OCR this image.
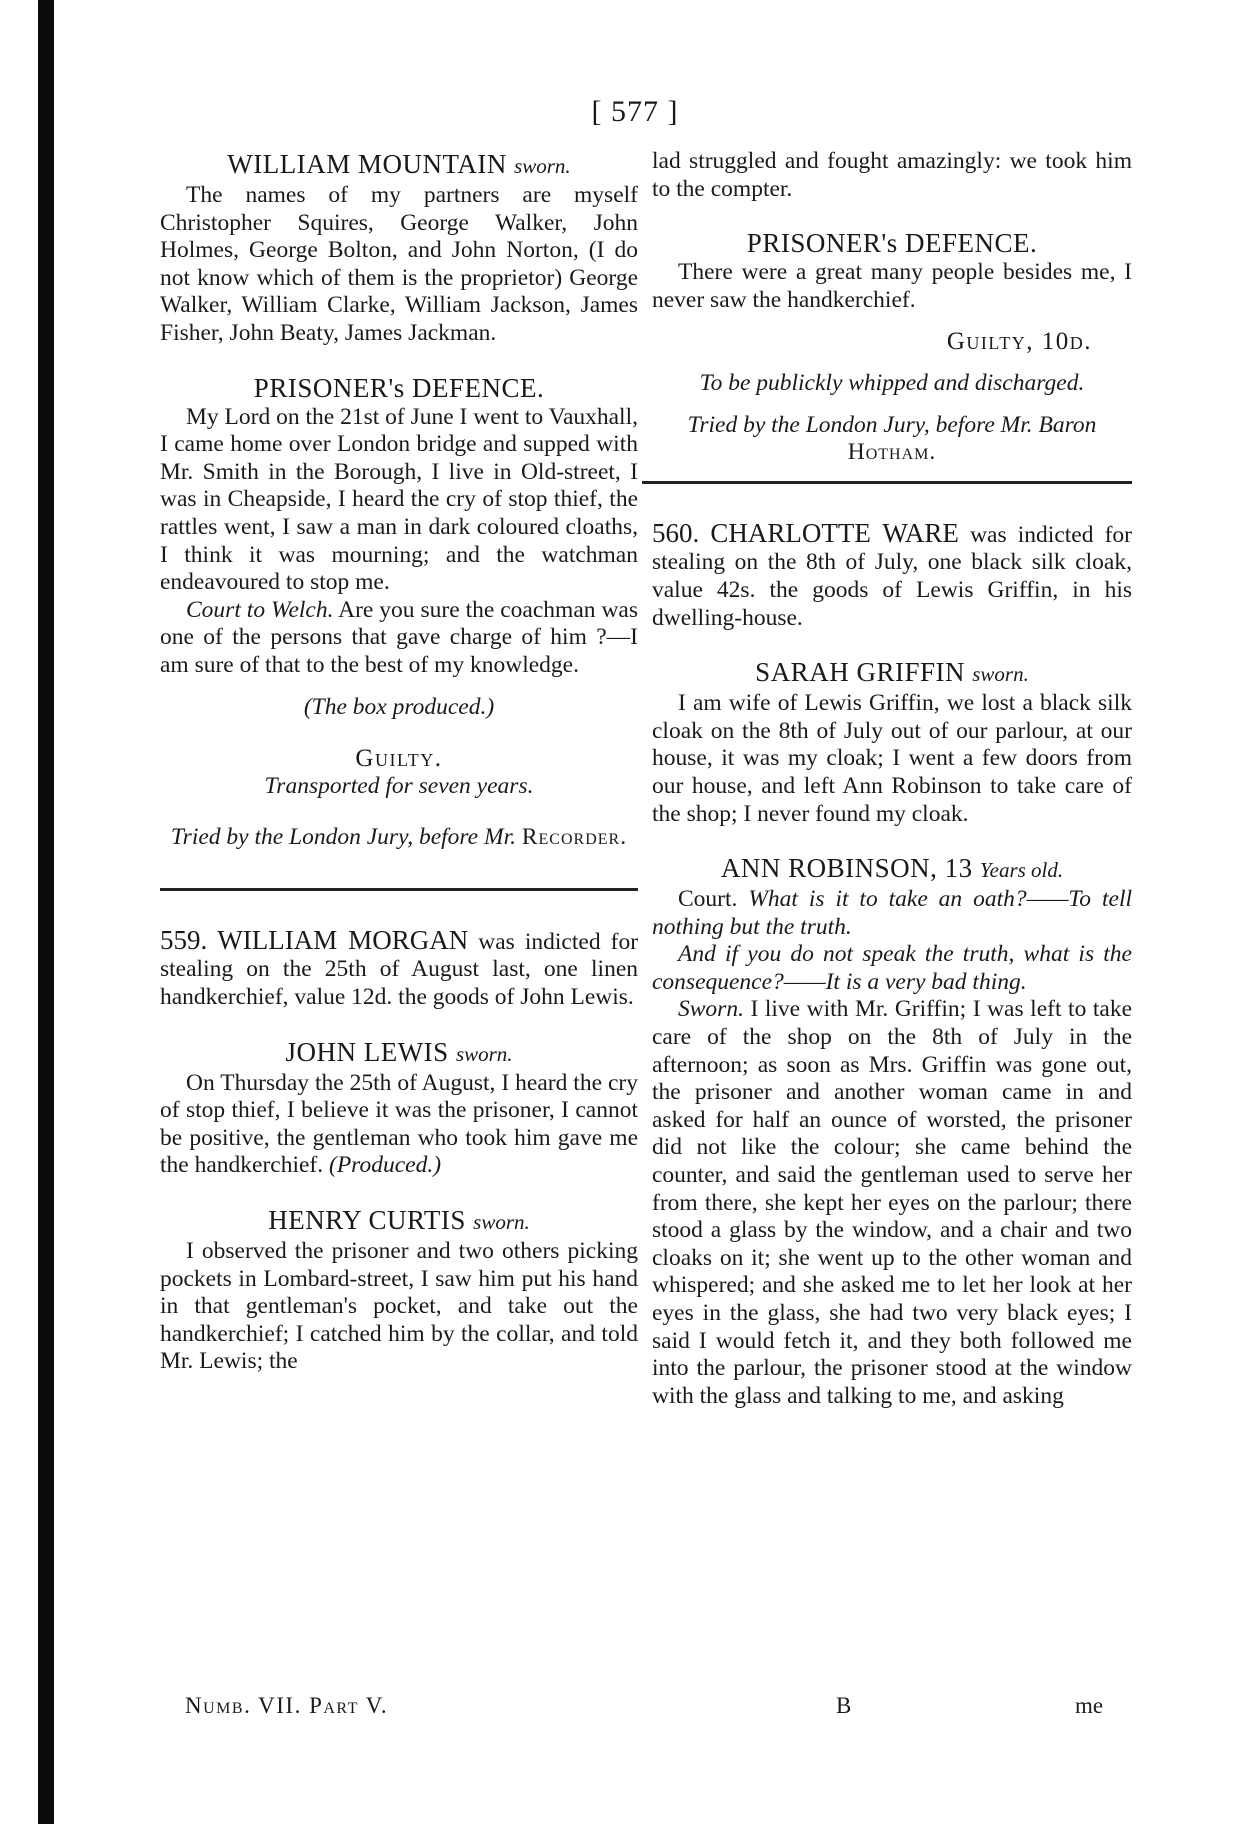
[ 577 ]
WILLIAM MOUNTAIN sworn.

The names of my partners are myself Christopher Squires, George Walker, John Holmes, George Bolton, and John Norton, (I do not know which of them is the proprietor) George Walker, William Clarke, William Jackson, James Fisher, John Beaty, James Jackman.

PRISONER's DEFENCE.

My Lord on the 21st of June I went to Vauxhall, I came home over London bridge and supped with Mr. Smith in the Borough, I live in Old-street, I was in Cheapside, I heard the cry of stop thief, the rattles went, I saw a man in dark coloured cloaths, I think it was mourning; and the watchman endeavoured to stop me.

Court to Welch. Are you sure the coachman was one of the persons that gave charge of him ?—I am sure of that to the best of my knowledge.

(The box produced.)

Guilty.

Transported for seven years.

Tried by the London Jury, before Mr. Recorder.

559. WILLIAM MORGAN was indicted for stealing on the 25th of August last, one linen handkerchief, value 12d. the goods of John Lewis.

JOHN LEWIS sworn.

On Thursday the 25th of August, I heard the cry of stop thief, I believe it was the prisoner, I cannot be positive, the gentleman who took him gave me the handkerchief. (Produced.)

HENRY CURTIS sworn.

I observed the prisoner and two others picking pockets in Lombard-street, I saw him put his hand in that gentleman's pocket, and take out the handkerchief; I catched him by the collar, and told Mr. Lewis; the

lad struggled and fought amazingly: we took him to the compter.

PRISONER's DEFENCE.

There were a great many people besides me, I never saw the handkerchief.

Guilty, 10d.

To be publickly whipped and discharged.

Tried by the London Jury, before Mr. Baron
Hotham.

560. CHARLOTTE WARE was indicted for stealing on the 8th of July, one black silk cloak, value 42s. the goods of Lewis Griffin, in his dwelling-house.

SARAH GRIFFIN sworn.

I am wife of Lewis Griffin, we lost a black silk cloak on the 8th of July out of our parlour, at our house, it was my cloak; I went a few doors from our house, and left Ann Robinson to take care of the shop; I never found my cloak.

ANN ROBINSON, 13 Years old.

Court. What is it to take an oath?——To tell nothing but the truth.

And if you do not speak the truth, what is the consequence?——It is a very bad thing.

Sworn. I live with Mr. Griffin; I was left to take care of the shop on the 8th of July in the afternoon; as soon as Mrs. Griffin was gone out, the prisoner and another woman came in and asked for half an ounce of worsted, the prisoner did not like the colour; she came behind the counter, and said the gentleman used to serve her from there, she kept her eyes on the parlour; there stood a glass by the window, and a chair and two cloaks on it; she went up to the other woman and whispered; and she asked me to let her look at her eyes in the glass, she had two very black eyes; I said I would fetch it, and they both followed me into the parlour, the prisoner stood at the window with the glass and talking to me, and asking

Numb. VII. Part V.	B	me
